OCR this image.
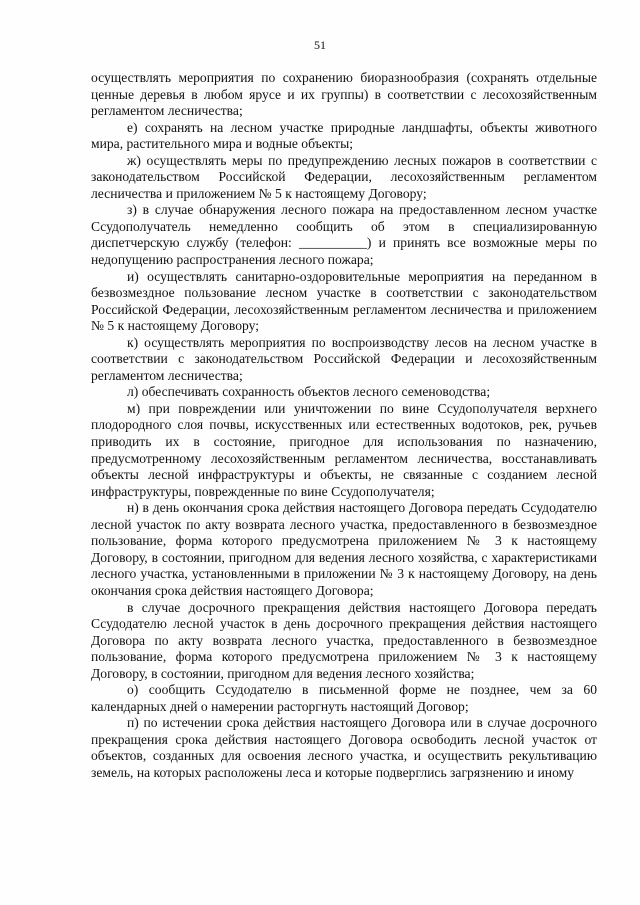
51

осуществлять мероприятия по сохранению биоразнообразия (сохранять отдельные ценные деревья в любом ярусе и их группы) в соответствии с лесохозяйственным регламентом лесничества;

е) сохранять на лесном участке природные ландшафты, объекты животного мира, растительного мира и водные объекты;

ж) осуществлять меры по предупреждению лесных пожаров в соответствии с законодательством Российской Федерации, лесохозяйственным регламентом лесничества и приложением № 5 к настоящему Договору;

з) в случае обнаружения лесного пожара на предоставленном лесном участке Ссудополучатель немедленно сообщить об этом в специализированную диспетчерскую службу (телефон: __________) и принять все возможные меры по недопущению распространения лесного пожара;

и) осуществлять санитарно-оздоровительные мероприятия на переданном в безвозмездное пользование лесном участке в соответствии с законодательством Российской Федерации, лесохозяйственным регламентом лесничества и приложением № 5 к настоящему Договору;

к) осуществлять мероприятия по воспроизводству лесов на лесном участке в соответствии с законодательством Российской Федерации и лесохозяйственным регламентом лесничества;

л) обеспечивать сохранность объектов лесного семеноводства;

м) при повреждении или уничтожении по вине Ссудополучателя верхнего плодородного слоя почвы, искусственных или естественных водотоков, рек, ручьев приводить их в состояние, пригодное для использования по назначению, предусмотренному лесохозяйственным регламентом лесничества, восстанавливать объекты лесной инфраструктуры и объекты, не связанные с созданием лесной инфраструктуры, поврежденные по вине Ссудополучателя;

н) в день окончания срока действия настоящего Договора передать Ссудодателю лесной участок по акту возврата лесного участка, предоставленного в безвозмездное пользование, форма которого предусмотрена приложением № 3 к настоящему Договору, в состоянии, пригодном для ведения лесного хозяйства, с характеристиками лесного участка, установленными в приложении № 3 к настоящему Договору, на день окончания срока действия настоящего Договора;

в случае досрочного прекращения действия настоящего Договора передать Ссудодателю лесной участок в день досрочного прекращения действия настоящего Договора по акту возврата лесного участка, предоставленного в безвозмездное пользование, форма которого предусмотрена приложением № 3 к настоящему Договору, в состоянии, пригодном для ведения лесного хозяйства;

о) сообщить Ссудодателю в письменной форме не позднее, чем за 60 календарных дней о намерении расторгнуть настоящий Договор;

п) по истечении срока действия настоящего Договора или в случае досрочного прекращения срока действия настоящего Договора освободить лесной участок от объектов, созданных для освоения лесного участка, и осуществить рекультивацию земель, на которых расположены леса и которые подверглись загрязнению и иному
